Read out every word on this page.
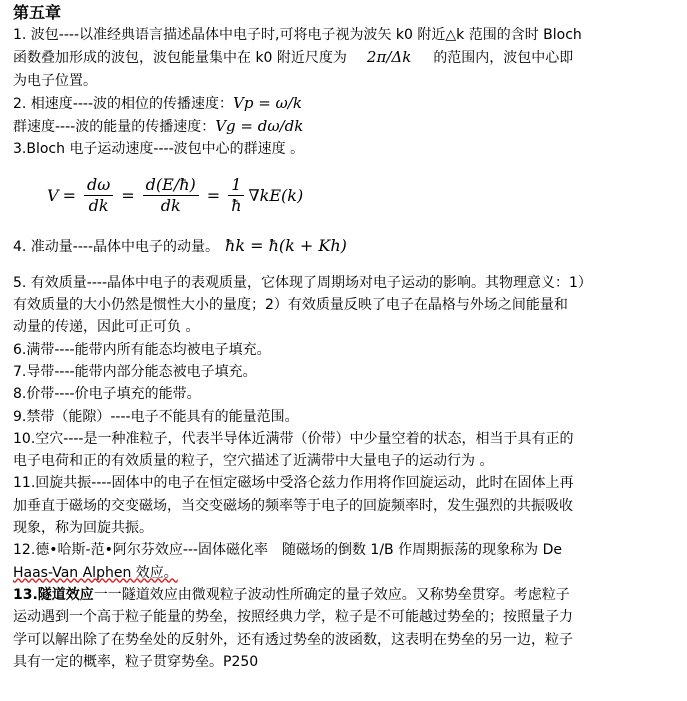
第五章

1. 波包----以准经典语言描述晶体中电子时,可将电子视为波矢 k0 附近△k 范围的含时 Bloch

函数叠加形成的波包，波包能量集中在 k0 附近尺度为 2π/Δk 的范围内，波包中心即

为电子位置。

2. 相速度----波的相位的传播速度：Vp = ω/k

群速度----波的能量的传播速度：Vg = dω/dk

3.Bloch 电子运动速度----波包中心的群速度 。

$V = \frac{d\omega}{dk} = \frac{d(E/ħ)}{dk} = \frac{1}{ħ} \nabla kE(k)$

4. 准动量----晶体中电子的动量。 ħk = ħ(k + Kh)

5. 有效质量----晶体中电子的表观质量，它体现了周期场对电子运动的影响。其物理意义：1）

有效质量的大小仍然是惯性大小的量度；2）有效质量反映了电子在晶格与外场之间能量和

动量的传递，因此可正可负 。

6.满带----能带内所有能态均被电子填充。

7.导带----能带内部分能态被电子填充。

8.价带----价电子填充的能带。

9.禁带（能隙）----电子不能具有的能量范围。

10.空穴----是一种准粒子，代表半导体近满带（价带）中少量空着的状态，相当于具有正的

电子电荷和正的有效质量的粒子，空穴描述了近满带中大量电子的运动行为 。

11.回旋共振----固体中的电子在恒定磁场中受洛仑兹力作用将作回旋运动，此时在固体上再

加垂直于磁场的交变磁场，当交变磁场的频率等于电子的回旋频率时，发生强烈的共振吸收

现象，称为回旋共振。

12.德•哈斯-范•阿尔芬效应---固体磁化率　随磁场的倒数 1/B 作周期振荡的现象称为 De

Haas-Van Alphen 效应。

13.隧道效应一一隧道效应由微观粒子波动性所确定的量子效应。又称势垒贯穿。考虑粒子

运动遇到一个高于粒子能量的势垒，按照经典力学，粒子是不可能越过势垒的；按照量子力

学可以解出除了在势垒处的反射外，还有透过势垒的波函数，这表明在势垒的另一边，粒子

具有一定的概率，粒子贯穿势垒。P250
